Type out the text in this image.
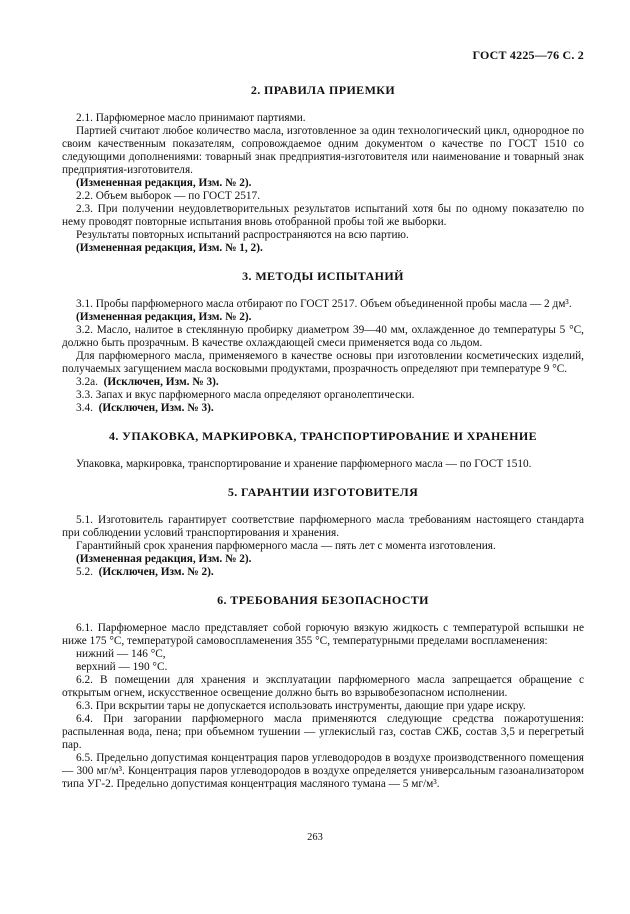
ГОСТ 4225—76 С. 2
2. ПРАВИЛА ПРИЕМКИ

2.1. Парфюмерное масло принимают партиями.

Партией считают любое количество масла, изготовленное за один технологический цикл, однородное по своим качественным показателям, сопровождаемое одним документом о качестве по ГОСТ 1510 со следующими дополнениями: товарный знак предприятия-изготовителя или наименование и товарный знак предприятия-изготовителя.

(Измененная редакция, Изм. № 2).

2.2. Объем выборок — по ГОСТ 2517.

2.3. При получении неудовлетворительных результатов испытаний хотя бы по одному показателю по нему проводят повторные испытания вновь отобранной пробы той же выборки.

Результаты повторных испытаний распространяются на всю партию.

(Измененная редакция, Изм. № 1, 2).

3. МЕТОДЫ ИСПЫТАНИЙ

3.1. Пробы парфюмерного масла отбирают по ГОСТ 2517. Объем объединенной пробы масла — 2 дм³.

(Измененная редакция, Изм. № 2).

3.2. Масло, налитое в стеклянную пробирку диаметром 39—40 мм, охлажденное до температуры 5 °С, должно быть прозрачным. В качестве охлаждающей смеси применяется вода со льдом.

Для парфюмерного масла, применяемого в качестве основы при изготовлении косметических изделий, получаемых загущением масла восковыми продуктами, прозрачность определяют при температуре 9 °С.

3.2а. (Исключен, Изм. № 3).

3.3. Запах и вкус парфюмерного масла определяют органолептически.

3.4. (Исключен, Изм. № 3).

4. УПАКОВКА, МАРКИРОВКА, ТРАНСПОРТИРОВАНИЕ И ХРАНЕНИЕ

Упаковка, маркировка, транспортирование и хранение парфюмерного масла — по ГОСТ 1510.

5. ГАРАНТИИ ИЗГОТОВИТЕЛЯ

5.1. Изготовитель гарантирует соответствие парфюмерного масла требованиям настоящего стандарта при соблюдении условий транспортирования и хранения.

Гарантийный срок хранения парфюмерного масла — пять лет с момента изготовления.

(Измененная редакция, Изм. № 2).

5.2. (Исключен, Изм. № 2).

6. ТРЕБОВАНИЯ БЕЗОПАСНОСТИ

6.1. Парфюмерное масло представляет собой горючую вязкую жидкость с температурой вспышки не ниже 175 °С, температурой самовоспламенения 355 °С, температурными пределами воспламенения:

нижний — 146 °С,

верхний — 190 °С.

6.2. В помещении для хранения и эксплуатации парфюмерного масла запрещается обращение с открытым огнем, искусственное освещение должно быть во взрывобезопасном исполнении.

6.3. При вскрытии тары не допускается использовать инструменты, дающие при ударе искру.

6.4. При загорании парфюмерного масла применяются следующие средства пожаротушения: распыленная вода, пена; при объемном тушении — углекислый газ, состав СЖБ, состав 3,5 и перегретый пар.

6.5. Предельно допустимая концентрация паров углеводородов в воздухе производственного помещения — 300 мг/м³. Концентрация паров углеводородов в воздухе определяется универсальным газоанализатором типа УГ-2. Предельно допустимая концентрация масляного тумана — 5 мг/м³.

263
